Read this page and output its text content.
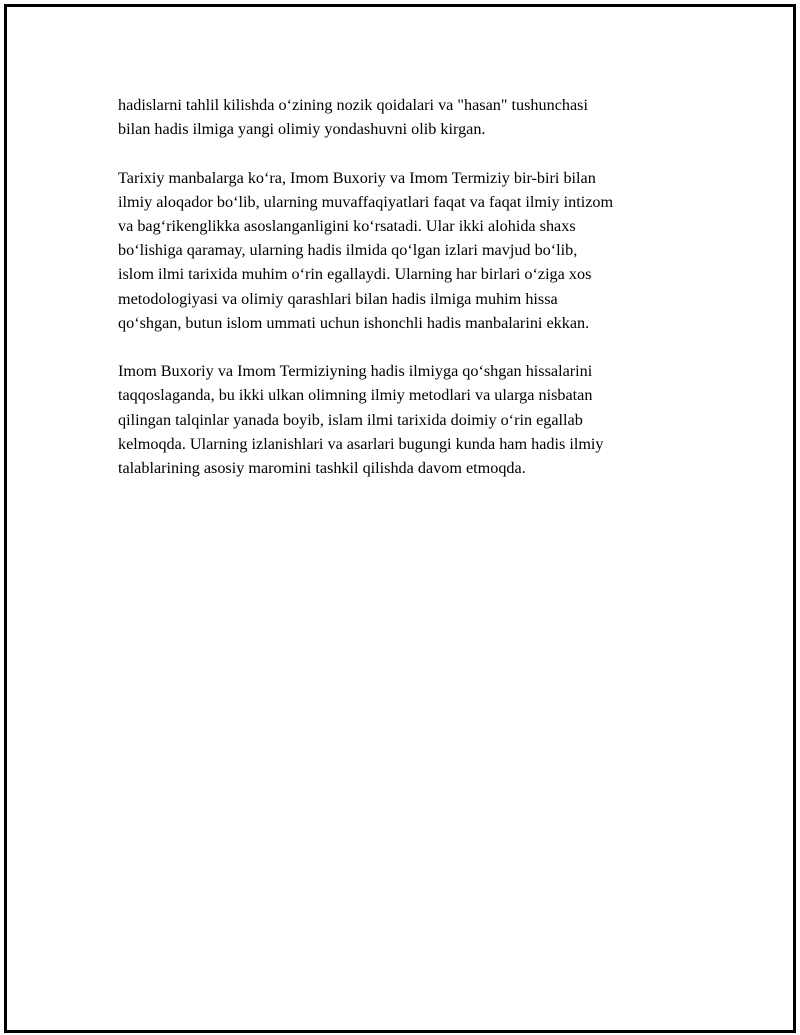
hadislarni tahlil kilishda o‘zining nozik qoidalari va "hasan" tushunchasi
bilan hadis ilmiga yangi olimiy yondashuvni olib kirgan.

Tarixiy manbalarga ko‘ra, Imom Buxoriy va Imom Termiziy bir-biri bilan
ilmiy aloqador bo‘lib, ularning muvaffaqiyatlari faqat va faqat ilmiy intizom
va bag‘rikenglikka asoslanganligini ko‘rsatadi. Ular ikki alohida shaxs
bo‘lishiga qaramay, ularning hadis ilmida qo‘lgan izlari mavjud bo‘lib,
islom ilmi tarixida muhim o‘rin egallaydi. Ularning har birlari o‘ziga xos
metodologiyasi va olimiy qarashlari bilan hadis ilmiga muhim hissa
qo‘shgan, butun islom ummati uchun ishonchli hadis manbalarini ekkan.

Imom Buxoriy va Imom Termiziyning hadis ilmiyga qo‘shgan hissalarini
taqqoslaganda, bu ikki ulkan olimning ilmiy metodlari va ularga nisbatan
qilingan talqinlar yanada boyib, islam ilmi tarixida doimiy o‘rin egallab
kelmoqda. Ularning izlanishlari va asarlari bugungi kunda ham hadis ilmiy
talablarining asosiy maromini tashkil qilishda davom etmoqda.
